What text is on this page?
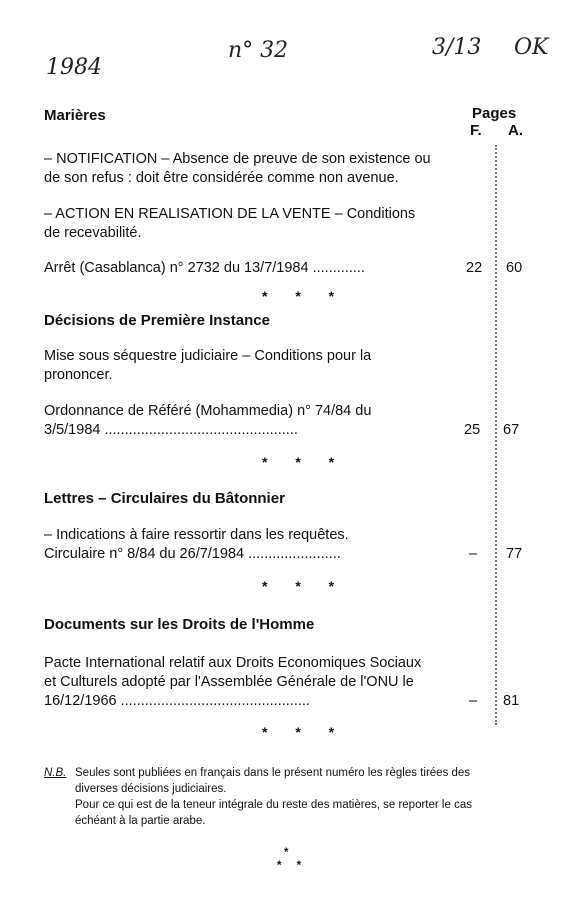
1984
n° 32	3/13 OK
Marières	Pages
F. A.
– NOTIFICATION – Absence de preuve de son existence ou
de son refus : doit être considérée comme non avenue.
– ACTION EN REALISATION DE LA VENTE – Conditions
de recevabilité.
Arrêt (Casablanca) n° 2732 du 13/7/1984 .............	22 60
* * *
Décisions de Première Instance
Mise sous séquestre judiciaire – Conditions pour la
prononcer.
Ordonnance de Référé (Mohammedia) n° 74/84 du
3/5/1984 ................................................	25 67
* * *
Lettres – Circulaires du Bâtonnier
– Indications à faire ressortir dans les requêtes.
Circulaire n° 8/84 du 26/7/1984 .......................	– 77
* * *
Documents sur les Droits de l'Homme
Pacte International relatif aux Droits Economiques Sociaux
et Culturels adopté par l'Assemblée Générale de l'ONU le
16/12/1966 ...............................................	– 81
* * *
N.B. Seules sont publiées en français dans le présent numéro les règles tirées des
diverses décisions judiciaires.
Pour ce qui est de la teneur intégrale du reste des matières, se reporter le cas
échéant à la partie arabe.
*
* *
